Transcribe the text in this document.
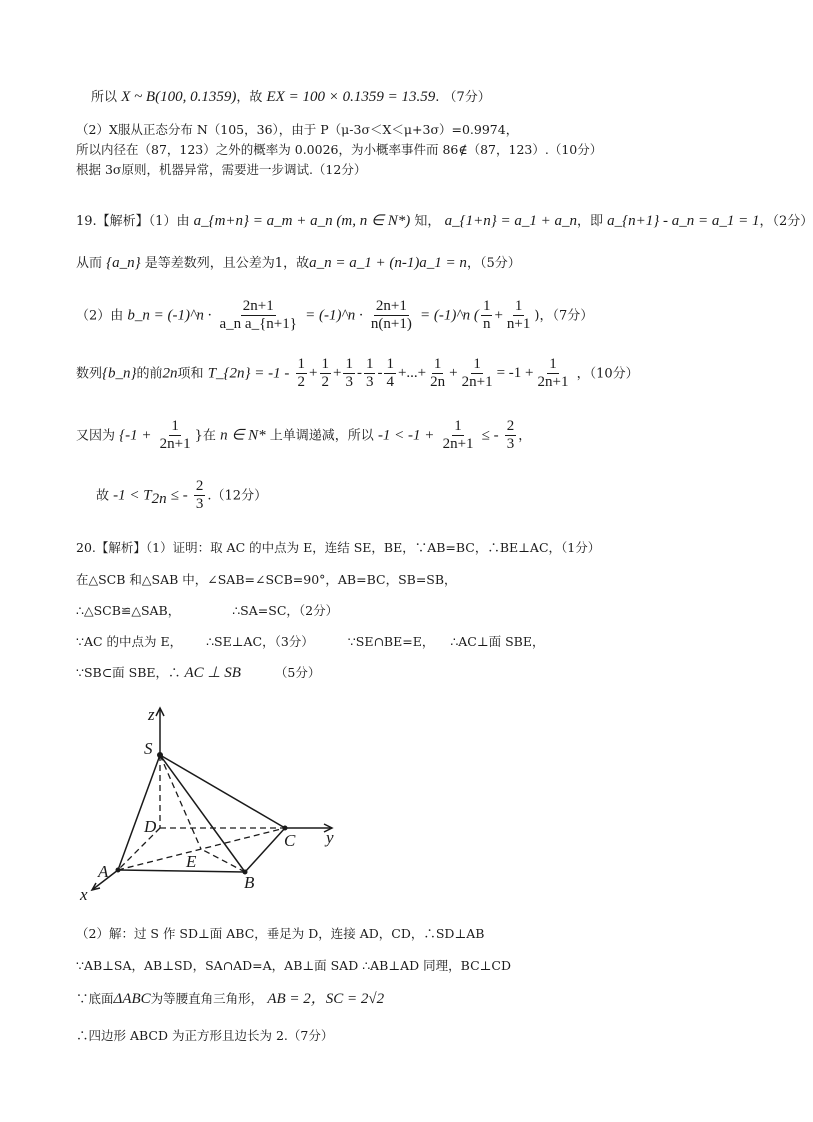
所以 X ~ B(100, 0.1359)，故 EX = 100 × 0.1359 = 13.59. （7分）
（2）X服从正态分布 N（105，36），由于 P（μ-3σ＜X＜μ+3σ）=0.9974，
所以内径在（87，123）之外的概率为 0.0026，为小概率事件而 86∉（87，123）.（10分）
根据 3σ原则，机器异常，需要进一步调试.（12分）
19.【解析】（1）由 a_{m+n} = a_m + a_n (m, n ∈ N*) 知， a_{1+n} = a_1 + a_n，即 a_{n+1} - a_n = a_1 = 1，（2分）
从而 {a_n} 是等差数列，且公差为1，故a_n = a_1 + (n-1)a_1 = n，（5分）
（2）由 b_n = (-1)^n · $\frac{2n+1}{\text{a\_n a\_\{n+1\}}}$ = (-1)^n · $\frac{2n+1}{n(n+1)}$ = (-1)^n ( $\frac{1}{n} + \frac{1}{n+1}$ )，（7分）
数列{b_n}的前2n项和 T_{2n} = $-1 - \frac{1}{2} + \frac{1}{2} + \frac{1}{3} - \frac{1}{3} - \frac{1}{4}$ +...+ $\frac{1}{2n} + \frac{1}{2n+1} = -1 + \frac{1}{2n+1}$ ，（10分）
又因为 {$-1 + \frac{1}{2n+1}$ }在 n ∈ N* 上单调递减，所以 $-1 < -1 + \frac{1}{2n+1}$ ≤ - $\frac{2}{3}$ ，
故 $-1 < T_{2n}$ ≤ - $\frac{2}{3} .(12$分）
20.【解析】（1）证明：取 AC 的中点为 E，连结 SE，BE，∵AB=BC，∴BE⊥AC，（1分）
在△SCB 和△SAB 中，∠SAB=∠SCB=90°，AB=BC，SB=SB，
∴△SCB≌△SAB，	∴SA=SC，（2分）
∵AC 的中点为 E， ∴SE⊥AC，（3分）	∵SE∩BE=E， ∴AC⊥面 SBE，
∵SB⊂面 SBE，∴ AC ⊥ SB	（5分）
z
S
D
E
A
B
C y
x
（2）解：过 S 作 SD⊥面 ABC，垂足为 D，连接 AD，CD，∴SD⊥AB
∵AB⊥SA，AB⊥SD，SA∩AD=A，AB⊥面 SAD ∴AB⊥AD 同理，BC⊥CD
∵底面ΔABC为等腰直角三角形， AB = 2，SC = 2√2
∴四边形 ABCD 为正方形且边长为 2.（7分）
